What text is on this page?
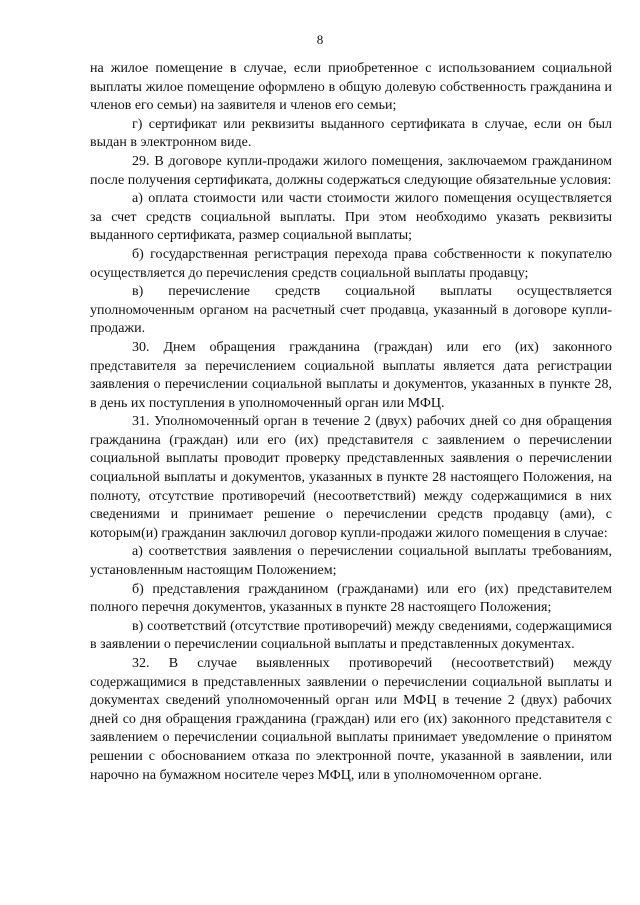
8

на жилое помещение в случае, если приобретенное с использованием социальной выплаты жилое помещение оформлено в общую долевую собственность гражданина и членов его семьи) на заявителя и членов его семьи;

г) сертификат или реквизиты выданного сертификата в случае, если он был выдан в электронном виде.

29. В договоре купли-продажи жилого помещения, заключаемом гражданином после получения сертификата, должны содержаться следующие обязательные условия:

а) оплата стоимости или части стоимости жилого помещения осуществляется за счет средств социальной выплаты. При этом необходимо указать реквизиты выданного сертификата, размер социальной выплаты;

б) государственная регистрация перехода права собственности к покупателю осуществляется до перечисления средств социальной выплаты продавцу;

в) перечисление средств социальной выплаты осуществляется уполномоченным органом на расчетный счет продавца, указанный в договоре купли-продажи.

30. Днем обращения гражданина (граждан) или его (их) законного представителя за перечислением социальной выплаты является дата регистрации заявления о перечислении социальной выплаты и документов, указанных в пункте 28, в день их поступления в уполномоченный орган или МФЦ.

31. Уполномоченный орган в течение 2 (двух) рабочих дней со дня обращения гражданина (граждан) или его (их) представителя с заявлением о перечислении социальной выплаты проводит проверку представленных заявления о перечислении социальной выплаты и документов, указанных в пункте 28 настоящего Положения, на полноту, отсутствие противоречий (несоответствий) между содержащимися в них сведениями и принимает решение о перечислении средств продавцу (ами), с которым(и) гражданин заключил договор купли-продажи жилого помещения в случае:

а) соответствия заявления о перечислении социальной выплаты требованиям, установленным настоящим Положением;

б) представления гражданином (гражданами) или его (их) представителем полного перечня документов, указанных в пункте 28 настоящего Положения;

в) соответствий (отсутствие противоречий) между сведениями, содержащимися в заявлении о перечислении социальной выплаты и представленных документах.

32. В случае выявленных противоречий (несоответствий) между содержащимися в представленных заявлении о перечислении социальной выплаты и документах сведений уполномоченный орган или МФЦ в течение 2 (двух) рабочих дней со дня обращения гражданина (граждан) или его (их) законного представителя с заявлением о перечислении социальной выплаты принимает уведомление о принятом решении с обоснованием отказа по электронной почте, указанной в заявлении, или нарочно на бумажном носителе через МФЦ, или в уполномоченном органе.
